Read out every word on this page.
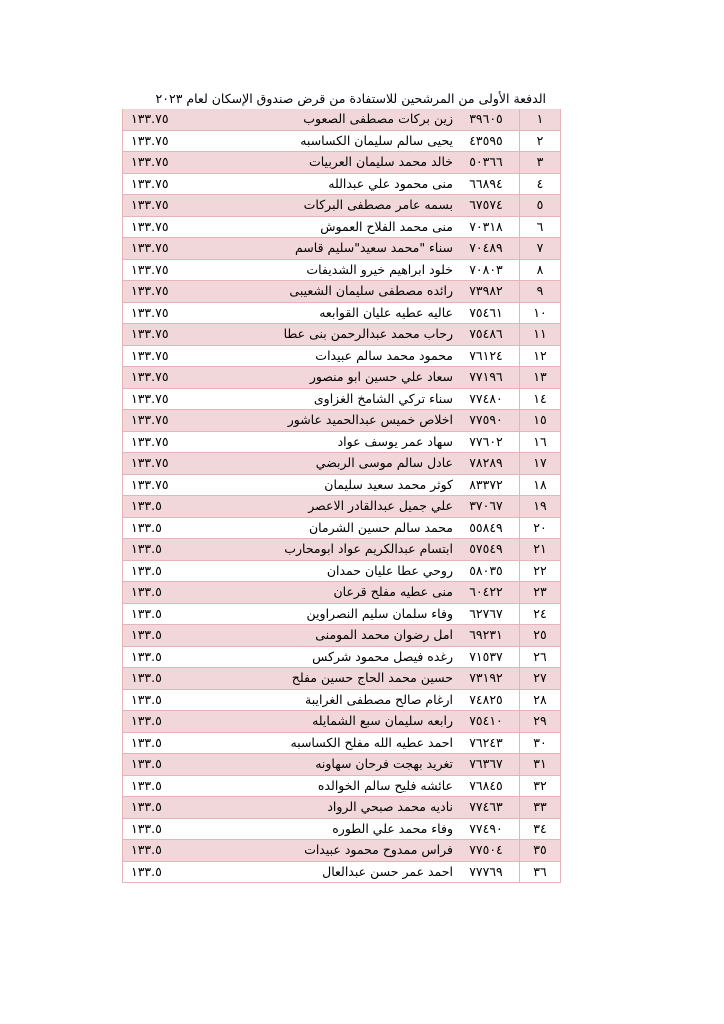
الدفعة الأولى من المرشحين للاستفادة من قرض صندوق الإسكان لعام ٢٠٢٣
١	٣٩٦٠٥	زين بركات مصطفى الصعوب	١٣٣.٧٥
٢	٤٣٥٩٥	يحيى سالم سليمان الكساسبه	١٣٣.٧٥
٣	٥٠٣٦٦	خالد محمد سليمان العربيات	١٣٣.٧٥
٤	٦٦٨٩٤	منى محمود علي عبدالله	١٣٣.٧٥
٥	٦٧٥٧٤	بسمه عامر مصطفى البركات	١٣٣.٧٥
٦	٧٠٣١٨	منى محمد الفلاح العموش	١٣٣.٧٥
٧	٧٠٤٨٩	سناء "محمد سعيد"سليم قاسم	١٣٣.٧٥
٨	٧٠٨٠٣	خلود ابراهيم خيرو الشديفات	١٣٣.٧٥
٩	٧٣٩٨٢	رائده مصطفى سليمان الشعيبى	١٣٣.٧٥
١٠	٧٥٤٦١	عاليه عطيه عليان القوابعه	١٣٣.٧٥
١١	٧٥٤٨٦	رحاب محمد عبدالرحمن بنى عطا	١٣٣.٧٥
١٢	٧٦١٢٤	محمود محمد سالم عبيدات	١٣٣.٧٥
١٣	٧٧١٩٦	سعاد علي حسين ابو منصور	١٣٣.٧٥
١٤	٧٧٤٨٠	سناء تركي الشامخ الغزاوى	١٣٣.٧٥
١٥	٧٧٥٩٠	اخلاص خميس عبدالحميد عاشور	١٣٣.٧٥
١٦	٧٧٦٠٢	سهاد عمر يوسف عواد	١٣٣.٧٥
١٧	٧٨٢٨٩	عادل سالم موسى الربضي	١٣٣.٧٥
١٨	٨٣٣٧٢	كوثر محمد سعيد سليمان	١٣٣.٧٥
١٩	٣٧٠٦٧	علي جميل عبدالقادر الاعصر	١٣٣.٥
٢٠	٥٥٨٤٩	محمد سالم حسين الشرمان	١٣٣.٥
٢١	٥٧٥٤٩	ابتسام عبدالكريم عواد ابومحارب	١٣٣.٥
٢٢	٥٨٠٣٥	روحي عطا عليان حمدان	١٣٣.٥
٢٣	٦٠٤٢٢	منى عطيه مفلح قرعان	١٣٣.٥
٢٤	٦٢٧٦٧	وفاء سلمان سليم النصراوين	١٣٣.٥
٢٥	٦٩٢٣١	امل رضوان محمد المومنى	١٣٣.٥
٢٦	٧١٥٣٧	رغده فيصل محمود شركس	١٣٣.٥
٢٧	٧٣١٩٢	حسين محمد الحاج حسين مفلح	١٣٣.٥
٢٨	٧٤٨٢٥	ارغام صالح مصطفى الغرايبة	١٣٣.٥
٢٩	٧٥٤١٠	رابعه سليمان سبع الشمايله	١٣٣.٥
٣٠	٧٦٢٤٣	احمد عطيه الله مفلح الكساسبه	١٣٣.٥
٣١	٧٦٣٦٧	تغريد بهجت فرحان سهاونه	١٣٣.٥
٣٢	٧٦٨٤٥	عائشه فليح سالم الخوالده	١٣٣.٥
٣٣	٧٧٤٦٣	ناديه محمد صبحي الرواد	١٣٣.٥
٣٤	٧٧٤٩٠	وفاء محمد علي الطوره	١٣٣.٥
٣٥	٧٧٥٠٤	فراس ممدوح محمود عبيدات	١٣٣.٥
٣٦	٧٧٧٦٩	احمد عمر حسن عبدالعال	١٣٣.٥
